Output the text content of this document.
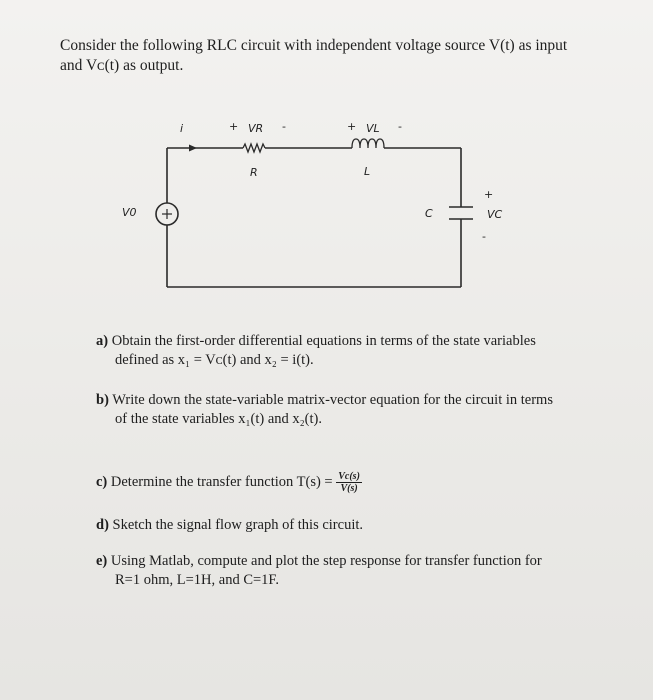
Consider the following RLC circuit with independent voltage source V(t) as input
and Vᴄ(t) as output.
i	+ VR -
R
+ VL -
L
V0	C
+
VC
-
a) Obtain the first-order differential equations in terms of the state variables
defined as x₁ = Vᴄ(t) and x₂ = i(t).
b) Write down the state-variable matrix-vector equation for the circuit in terms
of the state variables x₁(t) and x₂(t).
c) Determine the transfer function $T(s) = \frac{Vc(s)}{V(s)}$
d) Sketch the signal flow graph of this circuit.
e) Using Matlab, compute and plot the step response for transfer function for
R=1 ohm, L=1H, and C=1F.
